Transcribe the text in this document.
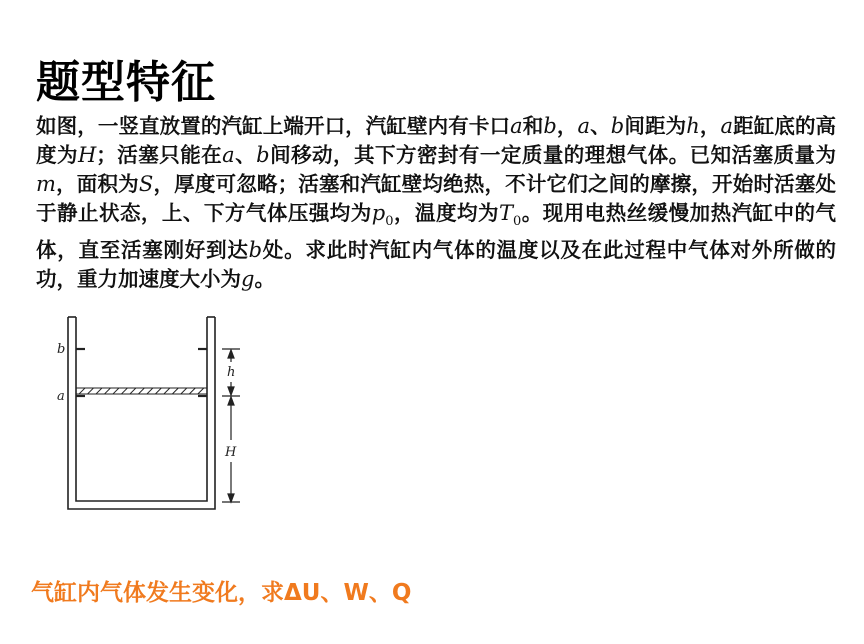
题型特征
如图，一竖直放置的汽缸上端开口，汽缸壁内有卡口a和b，a、b间距为h，a距缸底的高度为H；活塞只能在a、b间移动，其下方密封有一定质量的理想气体。已知活塞质量为m，面积为S，厚度可忽略；活塞和汽缸壁均绝热，不计它们之间的摩擦，开始时活塞处于静止状态，上、下方气体压强均为$p_0$，温度均为$T_0$。现用电热丝缓慢加热汽缸中的气体，直至活塞刚好到达b处。求此时汽缸内气体的温度以及在此过程中气体对外所做的功，重力加速度大小为g。
b
a
h
H
气缸内气体发生变化，求ΔU、W、Q
